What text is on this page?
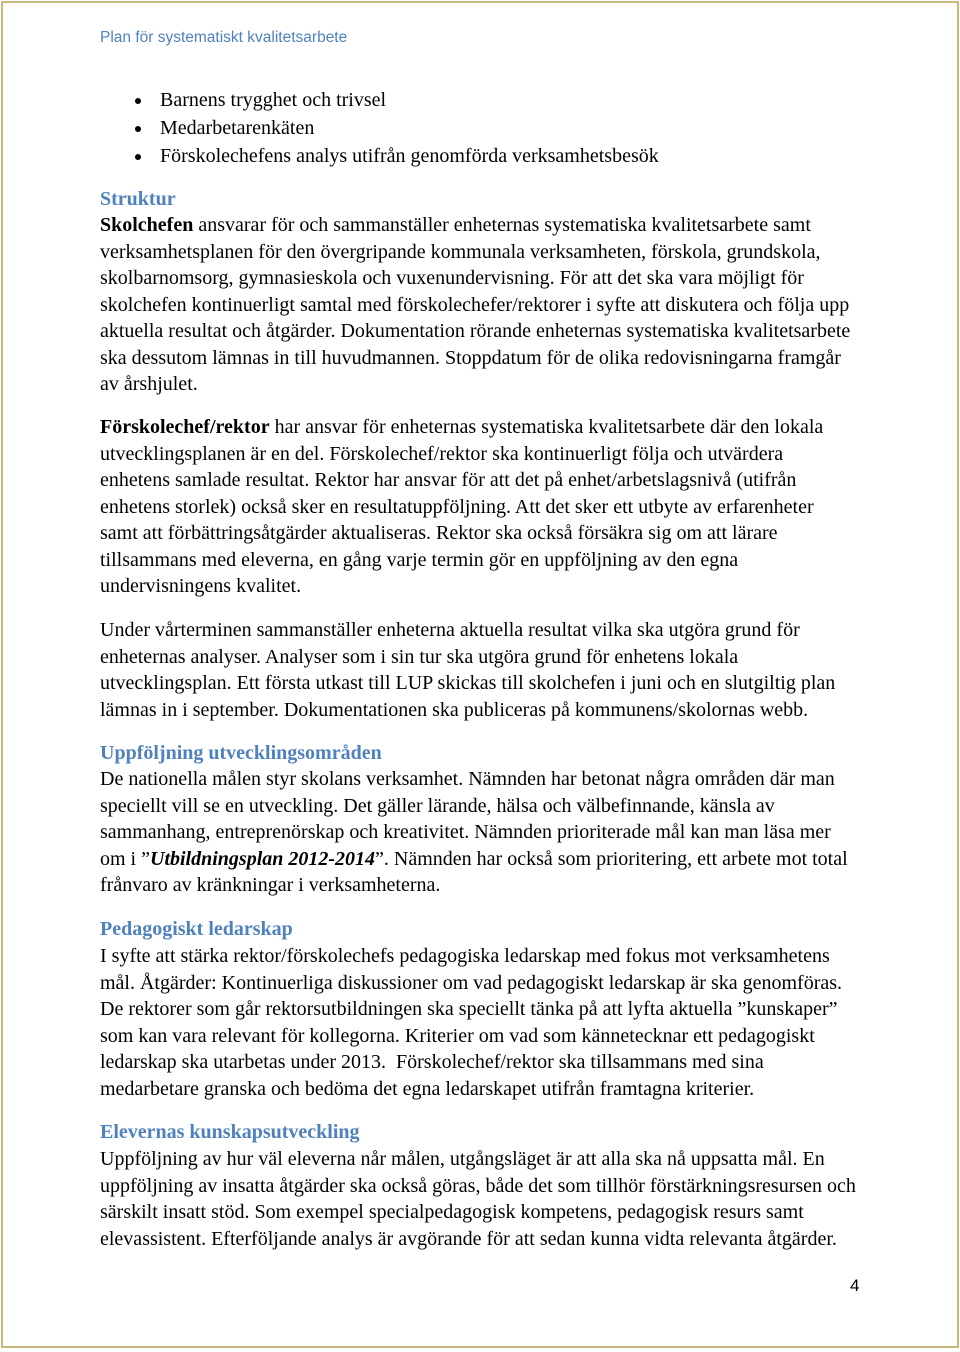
Plan för systematiskt kvalitetsarbete
Barnens trygghet och trivsel
Medarbetarenkäten
Förskolechefens analys utifrån genomförda verksamhetsbesök
Struktur
Skolchefen ansvarar för och sammanställer enheternas systematiska kvalitetsarbete samt
verksamhetsplanen för den övergripande kommunala verksamheten, förskola, grundskola,
skolbarnomsorg, gymnasieskola och vuxenundervisning. För att det ska vara möjligt för
skolchefen kontinuerligt samtal med förskolechefer/rektorer i syfte att diskutera och följa upp
aktuella resultat och åtgärder. Dokumentation rörande enheternas systematiska kvalitetsarbete
ska dessutom lämnas in till huvudmannen. Stoppdatum för de olika redovisningarna framgår
av årshjulet.
Förskolechef/rektor har ansvar för enheternas systematiska kvalitetsarbete där den lokala
utvecklingsplanen är en del. Förskolechef/rektor ska kontinuerligt följa och utvärdera
enhetens samlade resultat. Rektor har ansvar för att det på enhet/arbetslagsnivå (utifrån
enhetens storlek) också sker en resultatuppföljning. Att det sker ett utbyte av erfarenheter
samt att förbättringsåtgärder aktualiseras. Rektor ska också försäkra sig om att lärare
tillsammans med eleverna, en gång varje termin gör en uppföljning av den egna
undervisningens kvalitet.
Under vårterminen sammanställer enheterna aktuella resultat vilka ska utgöra grund för
enheternas analyser. Analyser som i sin tur ska utgöra grund för enhetens lokala
utvecklingsplan. Ett första utkast till LUP skickas till skolchefen i juni och en slutgiltig plan
lämnas in i september. Dokumentationen ska publiceras på kommunens/skolornas webb.
Uppföljning utvecklingsområden
De nationella målen styr skolans verksamhet. Nämnden har betonat några områden där man
speciellt vill se en utveckling. Det gäller lärande, hälsa och välbefinnande, känsla av
sammanhang, entreprenörskap och kreativitet. Nämnden prioriterade mål kan man läsa mer
om i ”Utbildningsplan 2012-2014”. Nämnden har också som prioritering, ett arbete mot total
frånvaro av kränkningar i verksamheterna.
Pedagogiskt ledarskap
I syfte att stärka rektor/förskolechefs pedagogiska ledarskap med fokus mot verksamhetens
mål. Åtgärder: Kontinuerliga diskussioner om vad pedagogiskt ledarskap är ska genomföras.
De rektorer som går rektorsutbildningen ska speciellt tänka på att lyfta aktuella ”kunskaper”
som kan vara relevant för kollegorna. Kriterier om vad som kännetecknar ett pedagogiskt
ledarskap ska utarbetas under 2013.  Förskolechef/rektor ska tillsammans med sina
medarbetare granska och bedöma det egna ledarskapet utifrån framtagna kriterier.
Elevernas kunskapsutveckling
Uppföljning av hur väl eleverna når målen, utgångsläget är att alla ska nå uppsatta mål. En
uppföljning av insatta åtgärder ska också göras, både det som tillhör förstärkningsresursen och
särskilt insatt stöd. Som exempel specialpedagogisk kompetens, pedagogisk resurs samt
elevassistent. Efterföljande analys är avgörande för att sedan kunna vidta relevanta åtgärder.
4
